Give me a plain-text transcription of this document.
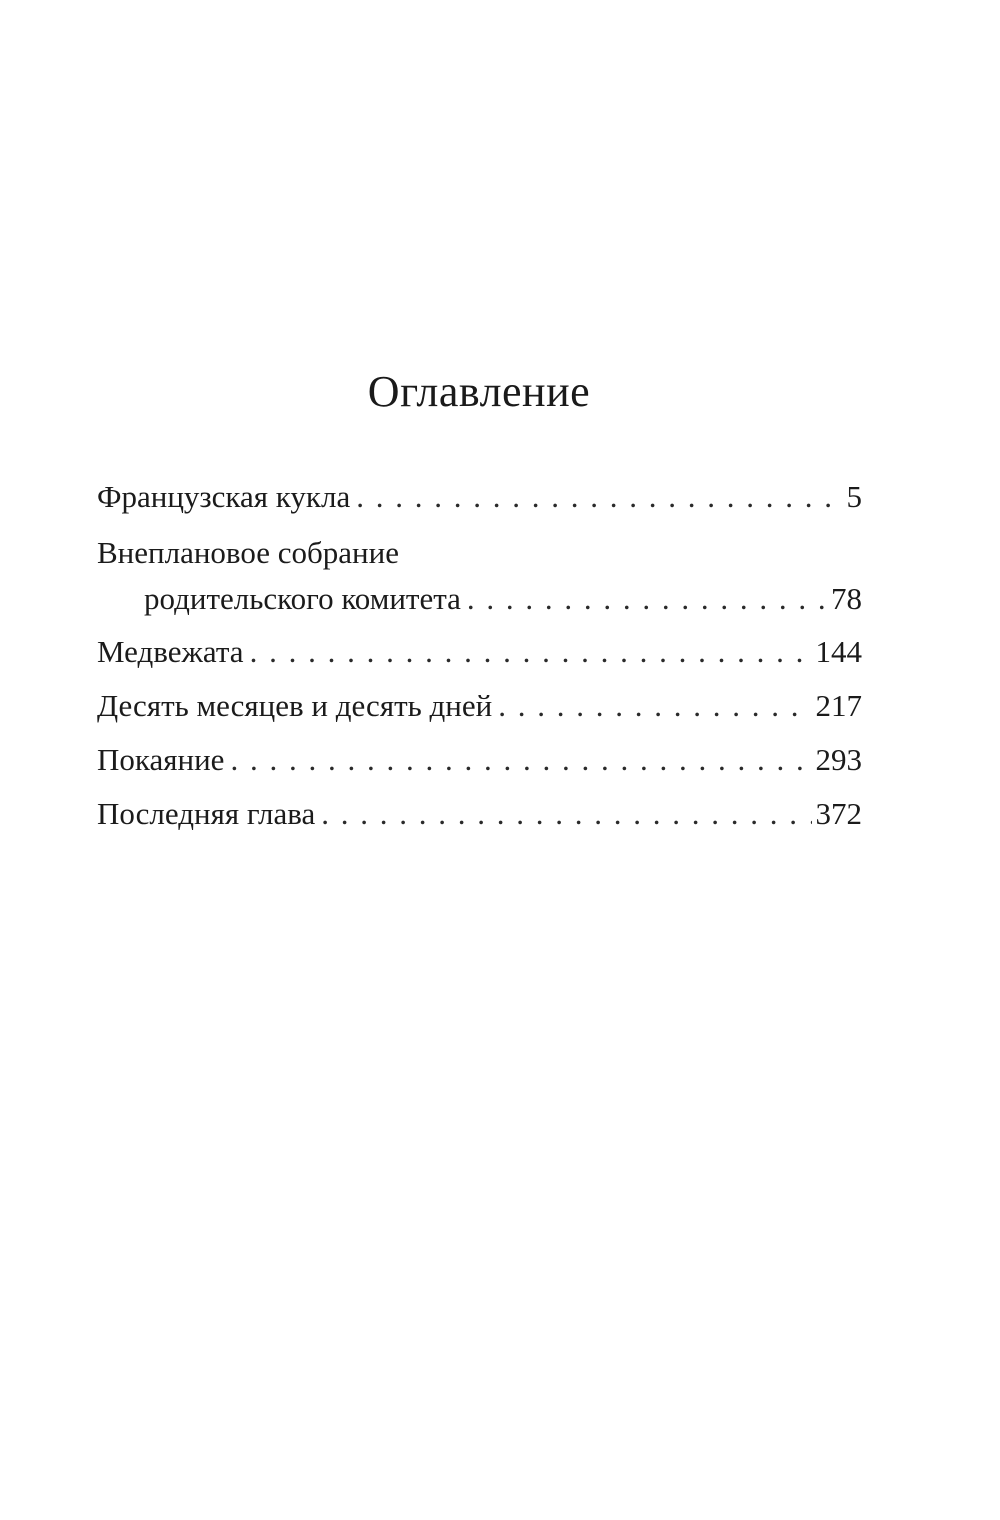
Оглавление
Французская кукла . . .	5
Внеплановое собрание
родительского комитета . . .	78
Медвежата . . .	144
Десять месяцев и десять дней . . .	217
Покаяние . . .	293
Последняя глава . . .	372
